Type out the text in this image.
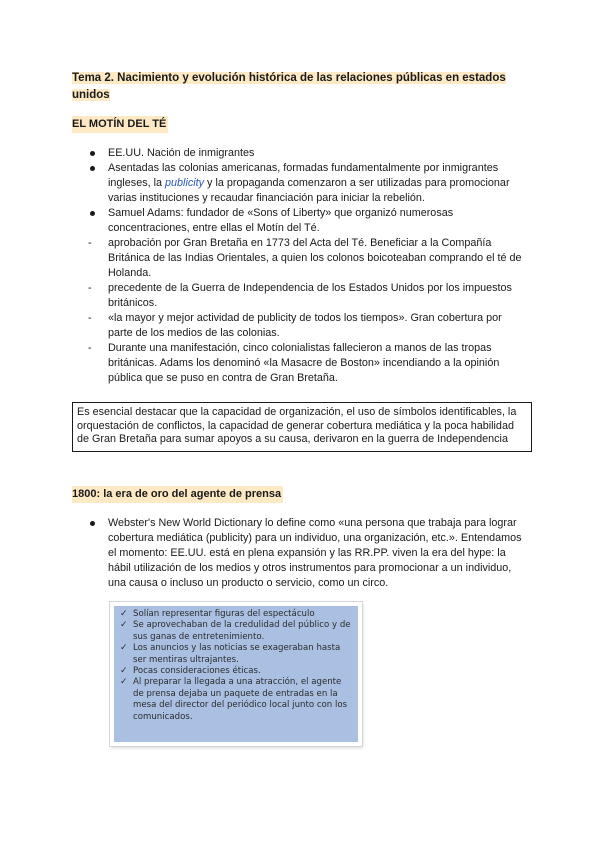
Tema 2. Nacimiento y evolución histórica de las relaciones públicas en estados unidos
EL MOTÍN DEL TÉ
EE.UU. Nación de inmigrantes
Asentadas las colonias americanas, formadas fundamentalmente por inmigrantes ingleses, la publicity y la propaganda comenzaron a ser utilizadas para promocionar varias instituciones y recaudar financiación para iniciar la rebelión.
Samuel Adams: fundador de «Sons of Liberty» que organizó numerosas concentraciones, entre ellas el Motín del Té.
-	aprobación por Gran Bretaña en 1773 del Acta del Té. Beneficiar a la Compañía Británica de las Indias Orientales, a quien los colonos boicoteaban comprando el té de Holanda.
-	precedente de la Guerra de Independencia de los Estados Unidos por los impuestos británicos.
-	«la mayor y mejor actividad de publicity de todos los tiempos». Gran cobertura por parte de los medios de las colonias.
-	Durante una manifestación, cinco colonialistas fallecieron a manos de las tropas británicas. Adams los denominó «la Masacre de Boston» incendiando a la opinión pública que se puso en contra de Gran Bretaña.
Es esencial destacar que la capacidad de organización, el uso de símbolos identificables, la orquestación de conflictos, la capacidad de generar cobertura mediática y la poca habilidad de Gran Bretaña para sumar apoyos a su causa, derivaron en la guerra de Independencia
1800: la era de oro del agente de prensa
Webster's New World Dictionary lo define como «una persona que trabaja para lograr cobertura mediática (publicity) para un individuo, una organización, etc.». Entendamos el momento: EE.UU. está en plena expansión y las RR.PP. viven la era del hype: la hábil utilización de los medios y otros instrumentos para promocionar a un individuo, una causa o incluso un producto o servicio, como un circo.
✓ Solían representar figuras del espectáculo
✓ Se aprovechaban de la credulidad del público y de sus ganas de entretenimiento.
✓ Los anuncios y las noticias se exageraban hasta ser mentiras ultrajantes.
✓ Pocas consideraciones éticas.
✓ Al preparar la llegada a una atracción, el agente de prensa dejaba un paquete de entradas en la mesa del director del periódico local junto con los comunicados.
